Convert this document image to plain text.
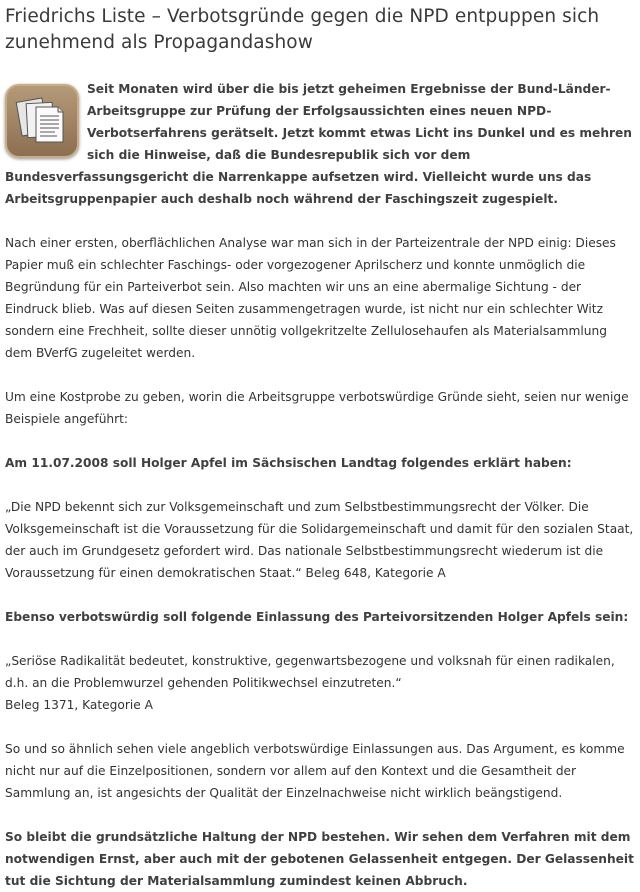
Friedrichs Liste – Verbotsgründe gegen die NPD entpuppen sich zunehmend als Propagandashow

Seit Monaten wird über die bis jetzt geheimen Ergebnisse der Bund-Länder-Arbeitsgruppe zur Prüfung der Erfolgsaussichten eines neuen NPD-Verbotserfahrens gerätselt. Jetzt kommt etwas Licht ins Dunkel und es mehren sich die Hinweise, daß die Bundesrepublik sich vor dem Bundesverfassungsgericht die Narrenkappe aufsetzen wird. Vielleicht wurde uns das Arbeitsgruppenpapier auch deshalb noch während der Faschingszeit zugespielt.

Nach einer ersten, oberflächlichen Analyse war man sich in der Parteizentrale der NPD einig: Dieses Papier muß ein schlechter Faschings- oder vorgezogener Aprilscherz und konnte unmöglich die Begründung für ein Parteiverbot sein. Also machten wir uns an eine abermalige Sichtung - der Eindruck blieb. Was auf diesen Seiten zusammengetragen wurde, ist nicht nur ein schlechter Witz sondern eine Frechheit, sollte dieser unnötig vollgekritzelte Zellulosehaufen als Materialsammlung dem BVerfG zugeleitet werden.

Um eine Kostprobe zu geben, worin die Arbeitsgruppe verbotswürdige Gründe sieht, seien nur wenige Beispiele angeführt:

Am 11.07.2008 soll Holger Apfel im Sächsischen Landtag folgendes erklärt haben:

„Die NPD bekennt sich zur Volksgemeinschaft und zum Selbstbestimmungsrecht der Völker. Die Volksgemeinschaft ist die Voraussetzung für die Solidargemeinschaft und damit für den sozialen Staat, der auch im Grundgesetz gefordert wird. Das nationale Selbstbestimmungsrecht wiederum ist die Voraussetzung für einen demokratischen Staat.“ Beleg 648, Kategorie A

Ebenso verbotswürdig soll folgende Einlassung des Parteivorsitzenden Holger Apfels sein:

„Seriöse Radikalität bedeutet, konstruktive, gegenwartsbezogene und volksnah für einen radikalen, d.h. an die Problemwurzel gehenden Politikwechsel einzutreten.“

Beleg 1371, Kategorie A

So und so ähnlich sehen viele angeblich verbotswürdige Einlassungen aus. Das Argument, es komme nicht nur auf die Einzelpositionen, sondern vor allem auf den Kontext und die Gesamtheit der Sammlung an, ist angesichts der Qualität der Einzelnachweise nicht wirklich beängstigend.

So bleibt die grundsätzliche Haltung der NPD bestehen. Wir sehen dem Verfahren mit dem notwendigen Ernst, aber auch mit der gebotenen Gelassenheit entgegen. Der Gelassenheit tut die Sichtung der Materialsammlung zumindest keinen Abbruch.
